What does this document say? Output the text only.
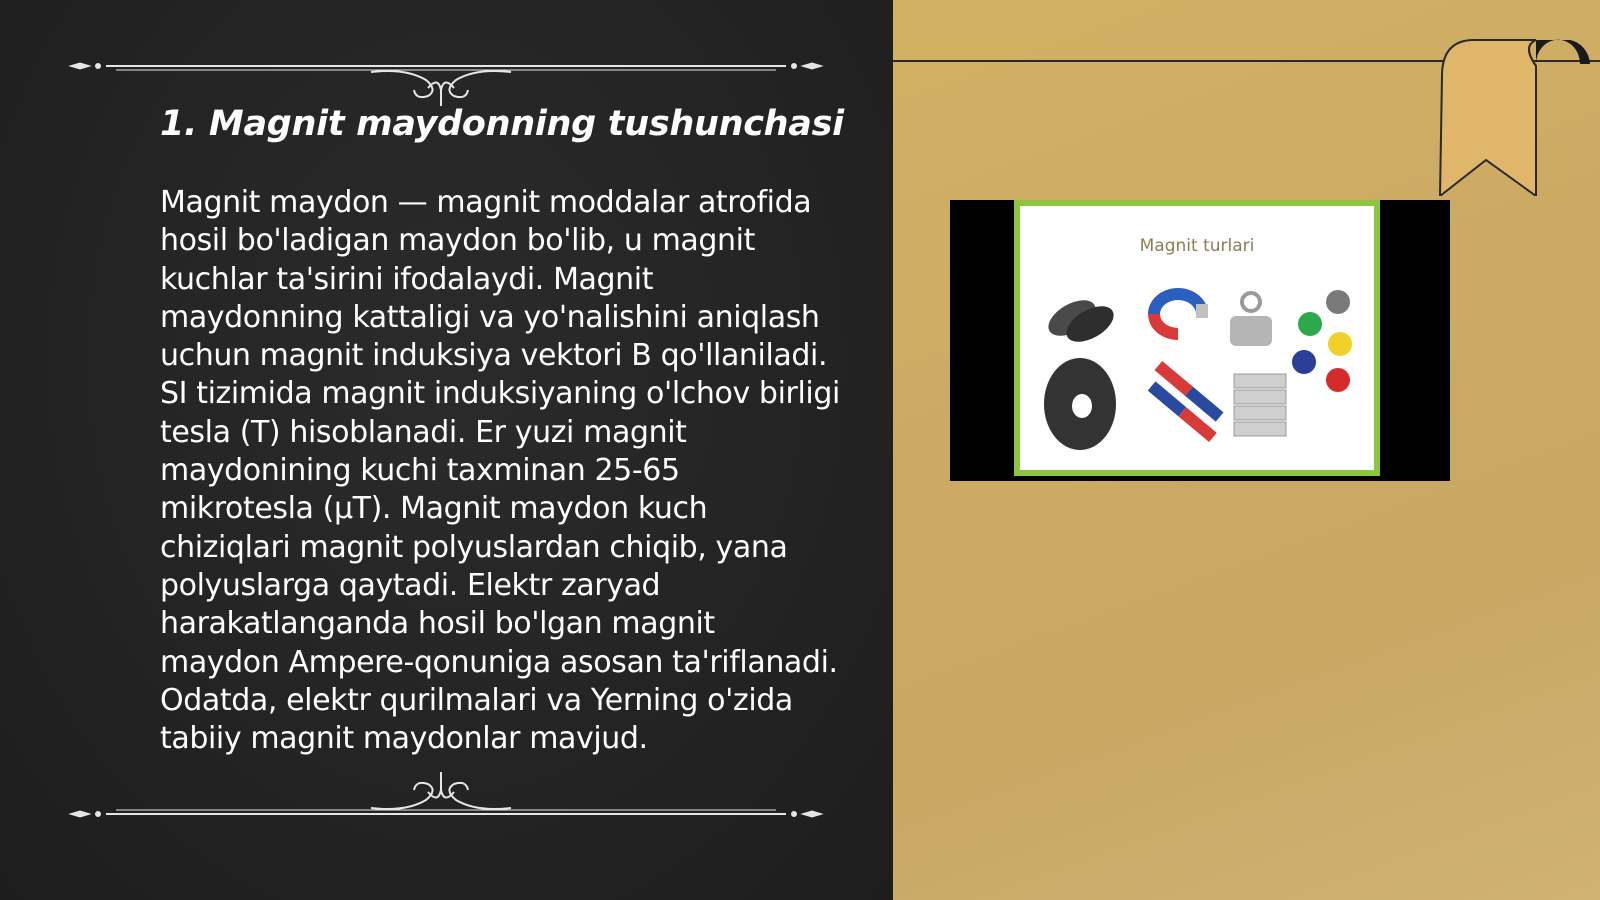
1. Magnit maydonning tushunchasi

Magnit maydon — magnit moddalar atrofida hosil bo'ladigan maydon bo'lib, u magnit kuchlar ta'sirini ifodalaydi. Magnit maydonning kattaligi va yo'nalishini aniqlash uchun magnit induksiya vektori B qo'llaniladi. SI tizimida magnit induksiyaning o'lchov birligi tesla (T) hisoblanadi. Er yuzi magnit maydonining kuchi taxminan 25-65 mikrotesla (μT). Magnit maydon kuch chiziqlari magnit polyuslardan chiqib, yana polyuslarga qaytadi. Elektr zaryad harakatlanganda hosil bo'lgan magnit maydon Ampere-qonuniga asosan ta'riflanadi. Odatda, elektr qurilmalari va Yerning o'zida tabiiy magnit maydonlar mavjud.

IT Taqdim
Magnit turlari
